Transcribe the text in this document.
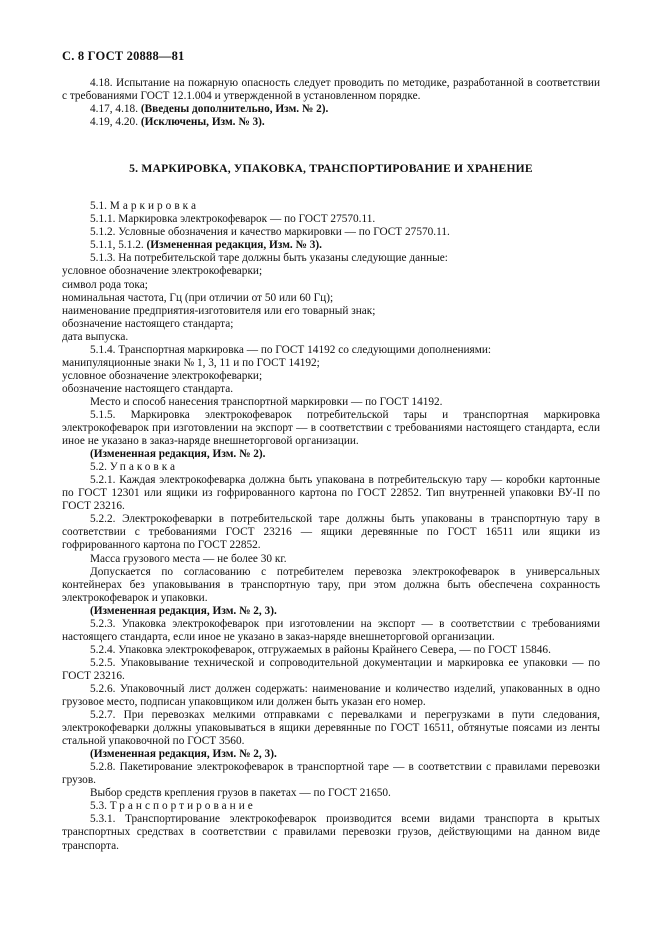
С. 8 ГОСТ 20888—81

4.18. Испытание на пожарную опасность следует проводить по методике, разработанной в соответствии с требованиями ГОСТ 12.1.004 и утвержденной в установленном порядке.

4.17, 4.18. (Введены дополнительно, Изм. № 2).

4.19, 4.20. (Исключены, Изм. № 3).

5. МАРКИРОВКА, УПАКОВКА, ТРАНСПОРТИРОВАНИЕ И ХРАНЕНИЕ

5.1. Маркировка

5.1.1. Маркировка электрокофеварок — по ГОСТ 27570.11.

5.1.2. Условные обозначения и качество маркировки — по ГОСТ 27570.11.

5.1.1, 5.1.2. (Измененная редакция, Изм. № 3).

5.1.3. На потребительской таре должны быть указаны следующие данные:

условное обозначение электрокофеварки;

символ рода тока;

номинальная частота, Гц (при отличии от 50 или 60 Гц);

наименование предприятия-изготовителя или его товарный знак;

обозначение настоящего стандарта;

дата выпуска.

5.1.4. Транспортная маркировка — по ГОСТ 14192 со следующими дополнениями:

манипуляционные знаки № 1, 3, 11 и по ГОСТ 14192;

условное обозначение электрокофеварки;

обозначение настоящего стандарта.

Место и способ нанесения транспортной маркировки — по ГОСТ 14192.

5.1.5. Маркировка электрокофеварок потребительской тары и транспортная маркировка электрокофеварок при изготовлении на экспорт — в соответствии с требованиями настоящего стандарта, если иное не указано в заказ-наряде внешнеторговой организации.

(Измененная редакция, Изм. № 2).

5.2. Упаковка

5.2.1. Каждая электрокофеварка должна быть упакована в потребительскую тару — коробки картонные по ГОСТ 12301 или ящики из гофрированного картона по ГОСТ 22852. Тип внутренней упаковки ВУ-II по ГОСТ 23216.

5.2.2. Электрокофеварки в потребительской таре должны быть упакованы в транспортную тару в соответствии с требованиями ГОСТ 23216 — ящики деревянные по ГОСТ 16511 или ящики из гофрированного картона по ГОСТ 22852.

Масса грузового места — не более 30 кг.

Допускается по согласованию с потребителем перевозка электрокофеварок в универсальных контейнерах без упаковывания в транспортную тару, при этом должна быть обеспечена сохранность электрокофеварок и упаковки.

(Измененная редакция, Изм. № 2, 3).

5.2.3. Упаковка электрокофеварок при изготовлении на экспорт — в соответствии с требованиями настоящего стандарта, если иное не указано в заказ-наряде внешнеторговой организации.

5.2.4. Упаковка электрокофеварок, отгружаемых в районы Крайнего Севера, — по ГОСТ 15846.

5.2.5. Упаковывание технической и сопроводительной документации и маркировка ее упаковки — по ГОСТ 23216.

5.2.6. Упаковочный лист должен содержать: наименование и количество изделий, упакованных в одно грузовое место, подписан упаковщиком или должен быть указан его номер.

5.2.7. При перевозках мелкими отправками с перевалками и перегрузками в пути следования, электрокофеварки должны упаковываться в ящики деревянные по ГОСТ 16511, обтянутые поясами из ленты стальной упаковочной по ГОСТ 3560.

(Измененная редакция, Изм. № 2, 3).

5.2.8. Пакетирование электрокофеварок в транспортной таре — в соответствии с правилами перевозки грузов.

Выбор средств крепления грузов в пакетах — по ГОСТ 21650.

5.3. Транспортирование

5.3.1. Транспортирование электрокофеварок производится всеми видами транспорта в крытых транспортных средствах в соответствии с правилами перевозки грузов, действующими на данном виде транспорта.
